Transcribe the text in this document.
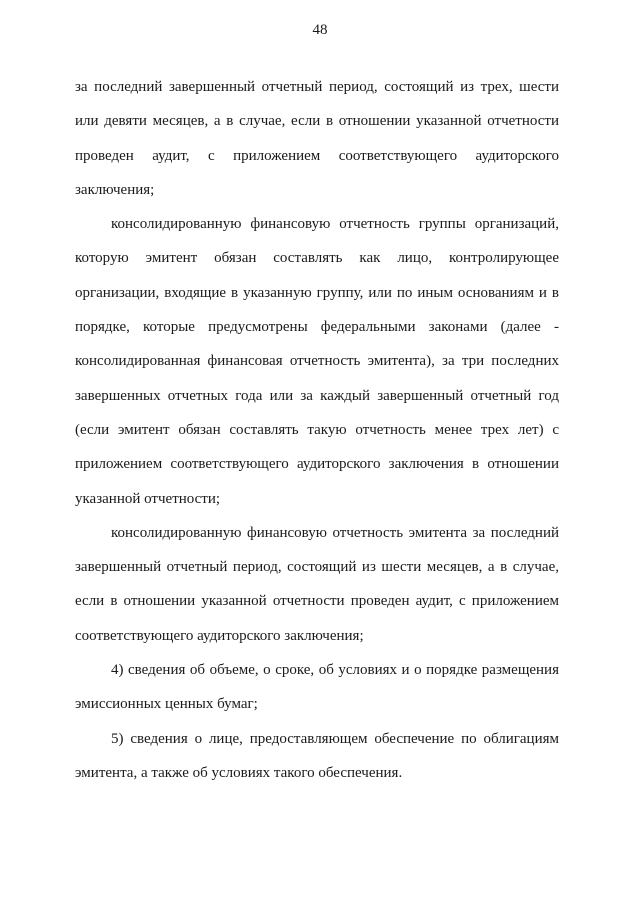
48

за последний завершенный отчетный период, состоящий из трех, шести или девяти месяцев, а в случае, если в отношении указанной отчетности проведен аудит, с приложением соответствующего аудиторского заключения;

консолидированную финансовую отчетность группы организаций, которую эмитент обязан составлять как лицо, контролирующее организации, входящие в указанную группу, или по иным основаниям и в порядке, которые предусмотрены федеральными законами (далее - консолидированная финансовая отчетность эмитента), за три последних завершенных отчетных года или за каждый завершенный отчетный год (если эмитент обязан составлять такую отчетность менее трех лет) с приложением соответствующего аудиторского заключения в отношении указанной отчетности;

консолидированную финансовую отчетность эмитента за последний завершенный отчетный период, состоящий из шести месяцев, а в случае, если в отношении указанной отчетности проведен аудит, с приложением соответствующего аудиторского заключения;

4) сведения об объеме, о сроке, об условиях и о порядке размещения эмиссионных ценных бумаг;

5) сведения о лице, предоставляющем обеспечение по облигациям эмитента, а также об условиях такого обеспечения.
